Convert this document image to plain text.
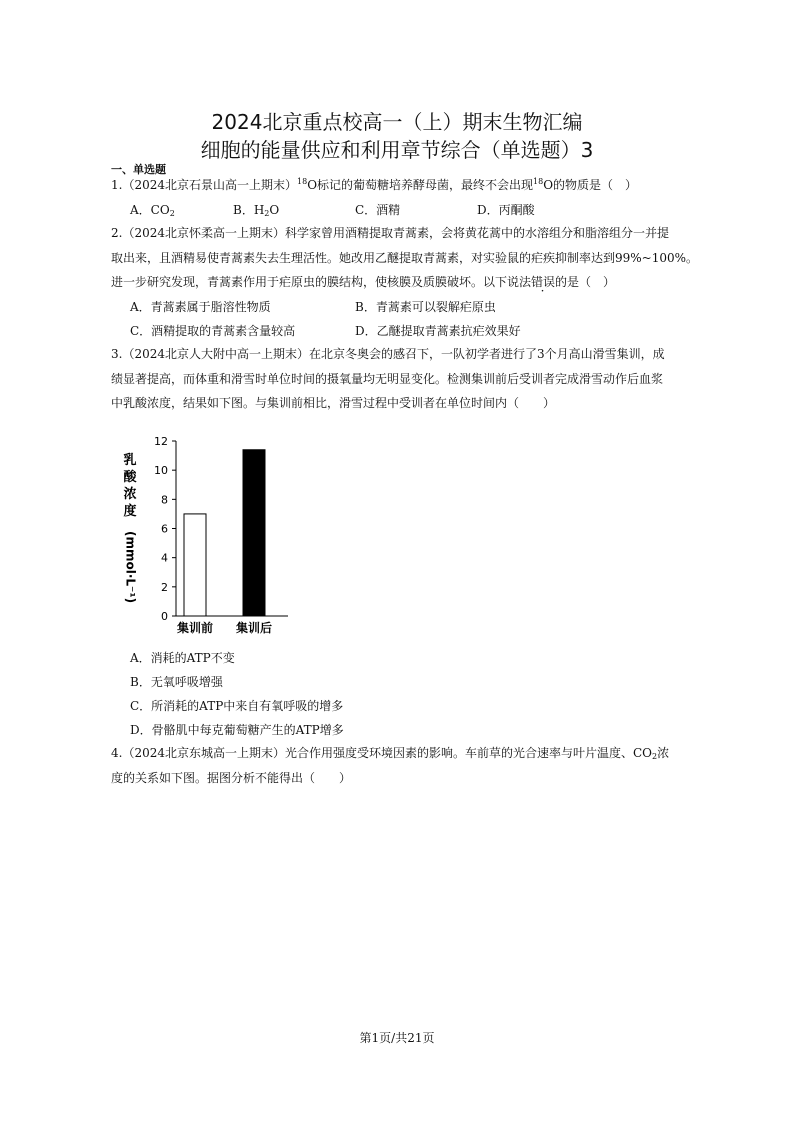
2024北京重点校高一（上）期末生物汇编
细胞的能量供应和利用章节综合（单选题）3
一、单选题
1.（2024北京石景山高一上期末）$^{18}$O标记的葡萄糖培养酵母菌，最终不会出现$^{18}$O的物质是（　）
A．$CO_2$	B．$H_2O$	C．酒精	D．丙酮酸
2.（2024北京怀柔高一上期末）科学家曾用酒精提取青蒿素，会将黄花蒿中的水溶组分和脂溶组分一并提
取出来，且酒精易使青蒿素失去生理活性。她改用乙醚提取青蒿素，对实验鼠的疟疾抑制率达到99%~100%。
进一步研究发现，青蒿素作用于疟原虫的膜结构，使核膜及质膜破坏。以下说法错误的是（　）
A．青蒿素属于脂溶性物质	B．青蒿素可以裂解疟原虫
C．酒精提取的青蒿素含量较高	D．乙醚提取青蒿素抗疟效果好
3.（2024北京人大附中高一上期末）在北京冬奥会的感召下，一队初学者进行了3个月高山滑雪集训，成
绩显著提高，而体重和滑雪时单位时间的摄氧量均无明显变化。检测集训前后受训者完成滑雪动作后血浆
中乳酸浓度，结果如下图。与集训前相比，滑雪过程中受训者在单位时间内（　　）
乳
酸
浓
度
(mmol·L⁻¹)
0
2
4
6
8
10
12
集训前 集训后
A．消耗的ATP不变
B．无氧呼吸增强
C．所消耗的ATP中来自有氧呼吸的增多
D．骨骼肌中每克葡萄糖产生的ATP增多
4.（2024北京东城高一上期末）光合作用强度受环境因素的影响。车前草的光合速率与叶片温度、$CO_2$浓
度的关系如下图。据图分析不能得出（　　）
第1页/共21页
